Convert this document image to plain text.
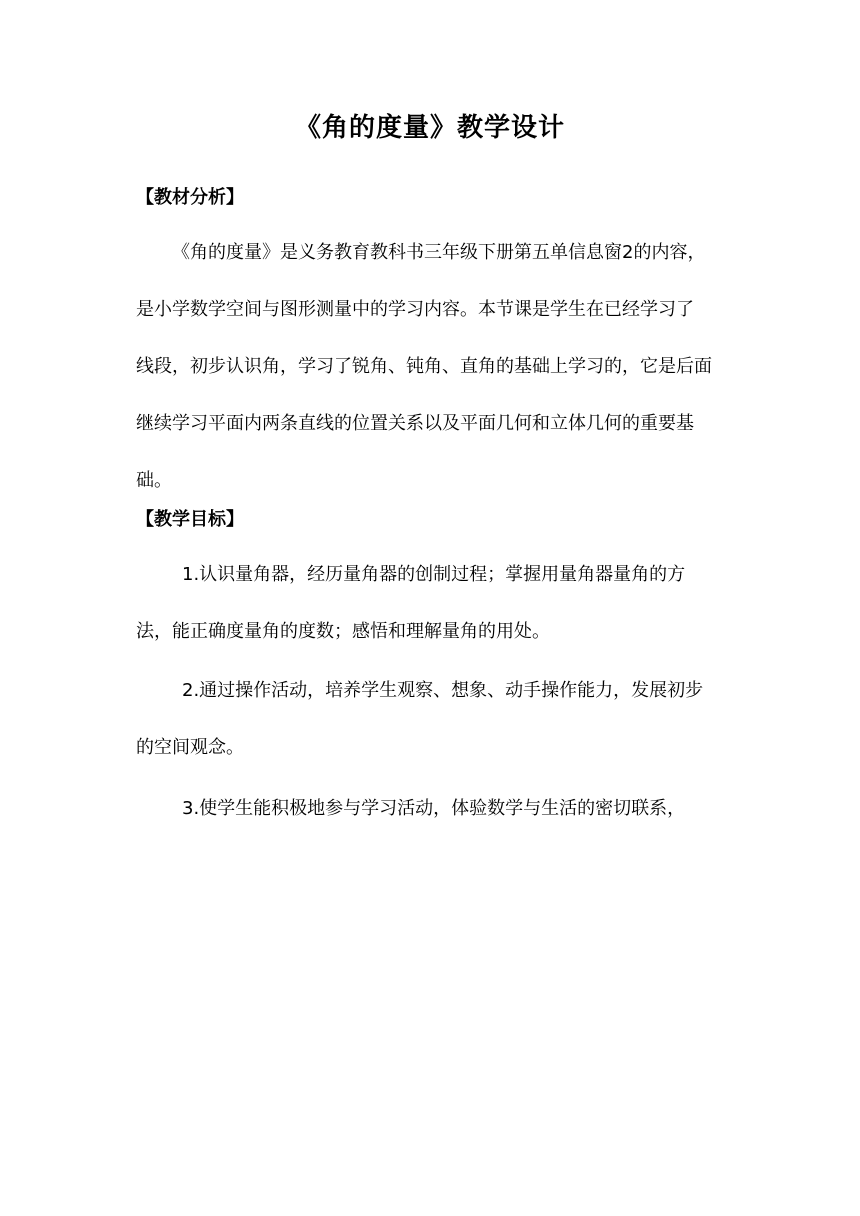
《角的度量》教学设计
【教材分析】
《角的度量》是义务教育教科书三年级下册第五单信息窗2的内容，
是小学数学空间与图形测量中的学习内容。本节课是学生在已经学习了
线段，初步认识角，学习了锐角、钝角、直角的基础上学习的，它是后面
继续学习平面内两条直线的位置关系以及平面几何和立体几何的重要基
础。
【教学目标】
1.认识量角器，经历量角器的创制过程；掌握用量角器量角的方
法，能正确度量角的度数；感悟和理解量角的用处。
2.通过操作活动，培养学生观察、想象、动手操作能力，发展初步
的空间观念。
3.使学生能积极地参与学习活动，体验数学与生活的密切联系，
